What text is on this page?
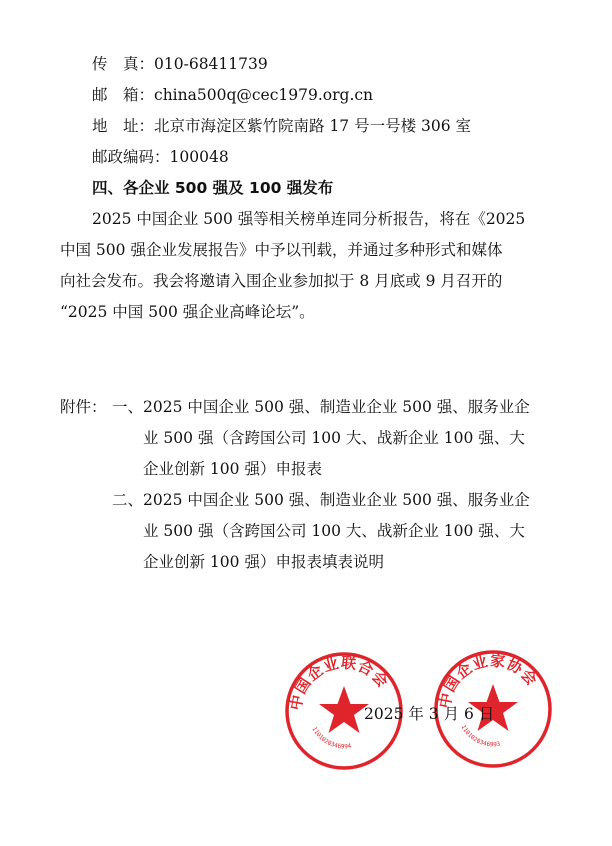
传　真：010-68411739
邮　箱：china500q@cec1979.org.cn
地　址：北京市海淀区紫竹院南路 17 号一号楼 306 室
邮政编码：100048
四、各企业 500 强及 100 强发布
2025 中国企业 500 强等相关榜单连同分析报告，将在《2025
中国 500 强企业发展报告》中予以刊载，并通过多种形式和媒体
向社会发布。我会将邀请入围企业参加拟于 8 月底或 9 月召开的
“2025 中国 500 强企业高峰论坛”。
附件： 一、2025 中国企业 500 强、制造业企业 500 强、服务业企
业 500 强（含跨国公司 100 大、战新企业 100 强、大
企业创新 100 强）申报表
二、2025 中国企业 500 强、制造业企业 500 强、服务业企
业 500 强（含跨国公司 100 大、战新企业 100 强、大
企业创新 100 强）申报表填表说明
中国企业联合会
1101020346994
中国企业家协会
1101020346993
2025 年 3 月 6 日
